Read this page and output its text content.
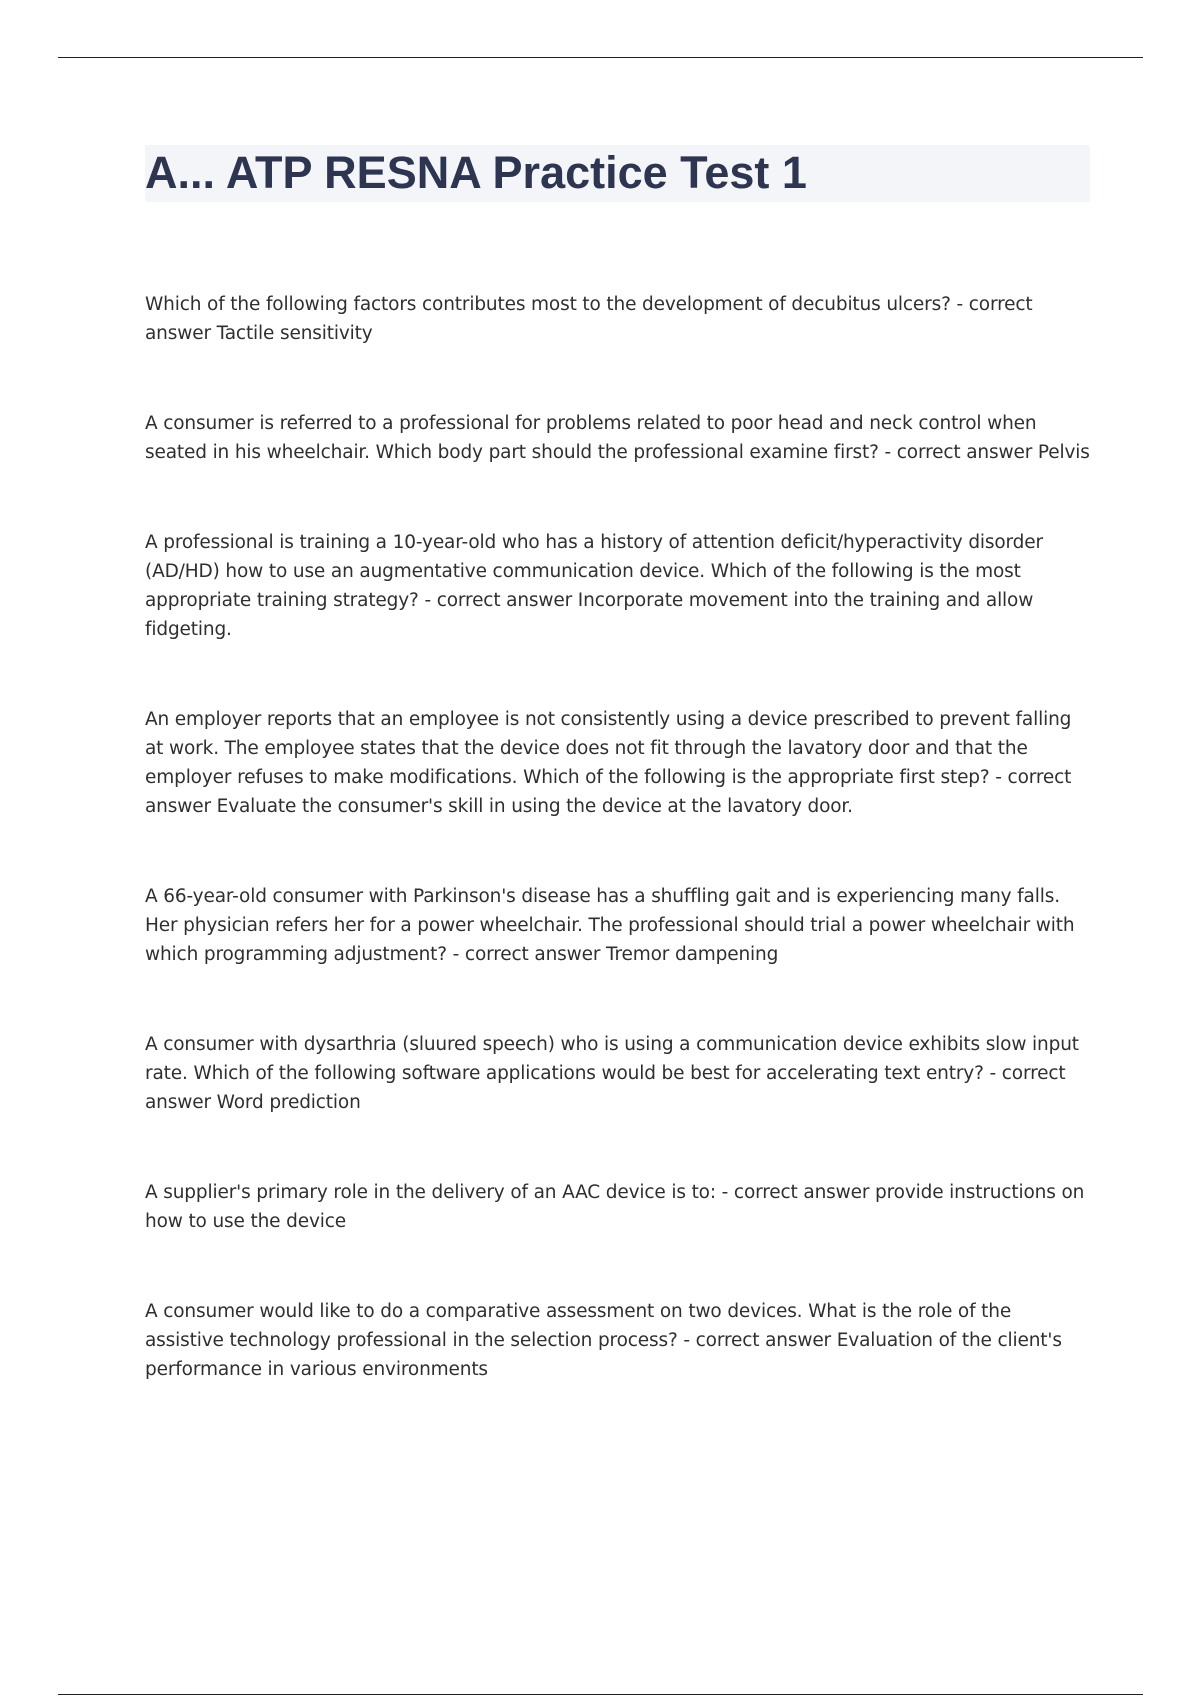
A... ATP RESNA Practice Test 1

Which of the following factors contributes most to the development of decubitus ulcers? - correct answer Tactile sensitivity

A consumer is referred to a professional for problems related to poor head and neck control when seated in his wheelchair. Which body part should the professional examine first? - correct answer Pelvis

A professional is training a 10-year-old who has a history of attention deficit/hyperactivity disorder (AD/HD) how to use an augmentative communication device. Which of the following is the most appropriate training strategy? - correct answer Incorporate movement into the training and allow fidgeting.

An employer reports that an employee is not consistently using a device prescribed to prevent falling at work. The employee states that the device does not fit through the lavatory door and that the employer refuses to make modifications. Which of the following is the appropriate first step? - correct answer Evaluate the consumer's skill in using the device at the lavatory door.

A 66-year-old consumer with Parkinson's disease has a shuffling gait and is experiencing many falls. Her physician refers her for a power wheelchair. The professional should trial a power wheelchair with which programming adjustment? - correct answer Tremor dampening

A consumer with dysarthria (sluured speech) who is using a communication device exhibits slow input rate. Which of the following software applications would be best for accelerating text entry? - correct answer Word prediction

A supplier's primary role in the delivery of an AAC device is to: - correct answer provide instructions on how to use the device

A consumer would like to do a comparative assessment on two devices. What is the role of the assistive technology professional in the selection process? - correct answer Evaluation of the client's performance in various environments
